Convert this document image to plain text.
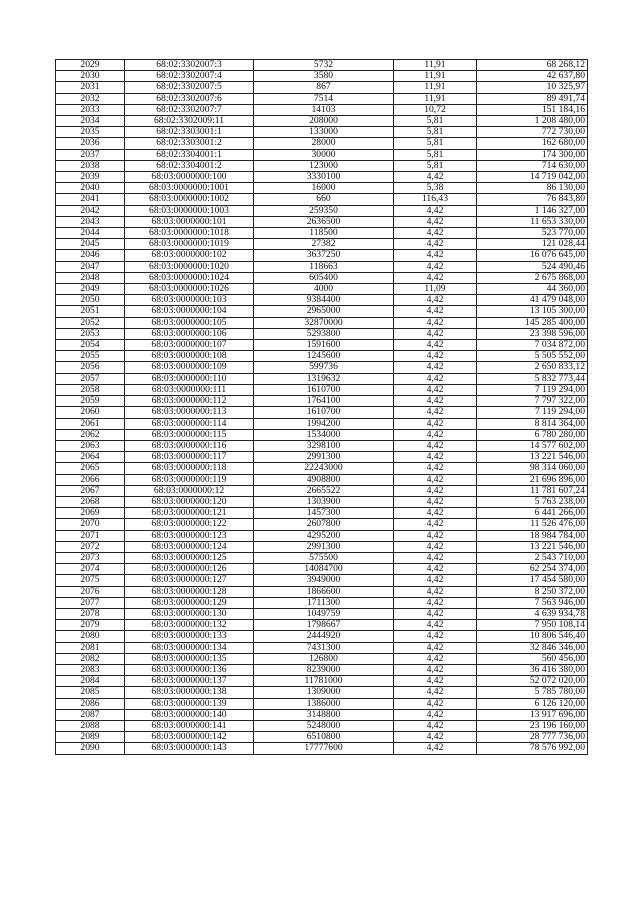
2029	68:02:3302007:3	5732	11,91	68 268,12
2030	68:02:3302007:4	3580	11,91	42 637,80
2031	68:02:3302007:5	867	11,91	10 325,97
2032	68:02:3302007:6	7514	11,91	89 491,74
2033	68:02:3302007:7	14103	10,72	151 184,16
2034	68:02:3302009:11	208000	5,81	1 208 480,00
2035	68:02:3303001:1	133000	5,81	772 730,00
2036	68:02:3303001:2	28000	5,81	162 680,00
2037	68:02:3304001:1	30000	5,81	174 300,00
2038	68:02:3304001:2	123000	5,81	714 630,00
2039	68:03:0000000:100	3330100	4,42	14 719 042,00
2040	68:03:0000000:1001	16000	5,38	86 130,00
2041	68:03:0000000:1002	660	116,43	76 843,80
2042	68:03:0000000:1003	259350	4,42	1 146 327,00
2043	68:03:0000000:101	2636500	4,42	11 653 330,00
2044	68:03:0000000:1018	118500	4,42	523 770,00
2045	68:03:0000000:1019	27382	4,42	121 028,44
2046	68:03:0000000:102	3637250	4,42	16 076 645,00
2047	68:03:0000000:1020	118663	4,42	524 490,46
2048	68:03:0000000:1024	605400	4,42	2 675 868,00
2049	68:03:0000000:1026	4000	11,09	44 360,00
2050	68:03:0000000:103	9384400	4,42	41 479 048,00
2051	68:03:0000000:104	2965000	4,42	13 105 300,00
2052	68:03:0000000:105	32870000	4,42	145 285 400,00
2053	68:03:0000000:106	5293800	4,42	23 398 596,00
2054	68:03:0000000:107	1591600	4,42	7 034 872,00
2055	68:03:0000000:108	1245600	4,42	5 505 552,00
2056	68:03:0000000:109	599736	4,42	2 650 833,12
2057	68:03:0000000:110	1319632	4,42	5 832 773,44
2058	68:03:0000000:111	1610700	4,42	7 119 294,00
2059	68:03:0000000:112	1764100	4,42	7 797 322,00
2060	68:03:0000000:113	1610700	4,42	7 119 294,00
2061	68:03:0000000:114	1994200	4,42	8 814 364,00
2062	68:03:0000000:115	1534000	4,42	6 780 280,00
2063	68:03:0000000:116	3298100	4,42	14 577 602,00
2064	68:03:0000000:117	2991300	4,42	13 221 546,00
2065	68:03:0000000:118	22243000	4,42	98 314 060,00
2066	68:03:0000000:119	4908800	4,42	21 696 896,00
2067	68:03:0000000:12	2665522	4,42	11 781 607,24
2068	68:03:0000000:120	1303900	4,42	5 763 238,00
2069	68:03:0000000:121	1457300	4,42	6 441 266,00
2070	68:03:0000000:122	2607800	4,42	11 526 476,00
2071	68:03:0000000:123	4295200	4,42	18 984 784,00
2072	68:03:0000000:124	2991300	4,42	13 221 546,00
2073	68:03:0000000:125	575500	4,42	2 543 710,00
2074	68:03:0000000:126	14084700	4,42	62 254 374,00
2075	68:03:0000000:127	3949000	4,42	17 454 580,00
2076	68:03:0000000:128	1866600	4,42	8 250 372,00
2077	68:03:0000000:129	1711300	4,42	7 563 946,00
2078	68:03:0000000:130	1049759	4,42	4 639 934,78
2079	68:03:0000000:132	1798667	4,42	7 950 108,14
2080	68:03:0000000:133	2444920	4,42	10 806 546,40
2081	68:03:0000000:134	7431300	4,42	32 846 346,00
2082	68:03:0000000:135	126800	4,42	560 456,00
2083	68:03:0000000:136	8239000	4,42	36 416 380,00
2084	68:03:0000000:137	11781000	4,42	52 072 020,00
2085	68:03:0000000:138	1309000	4,42	5 785 780,00
2086	68:03:0000000:139	1386000	4,42	6 126 120,00
2087	68:03:0000000:140	3148800	4,42	13 917 696,00
2088	68:03:0000000:141	5248000	4,42	23 196 160,00
2089	68:03:0000000:142	6510800	4,42	28 777 736,00
2090	68:03:0000000:143	17777600	4,42	78 576 992,00
